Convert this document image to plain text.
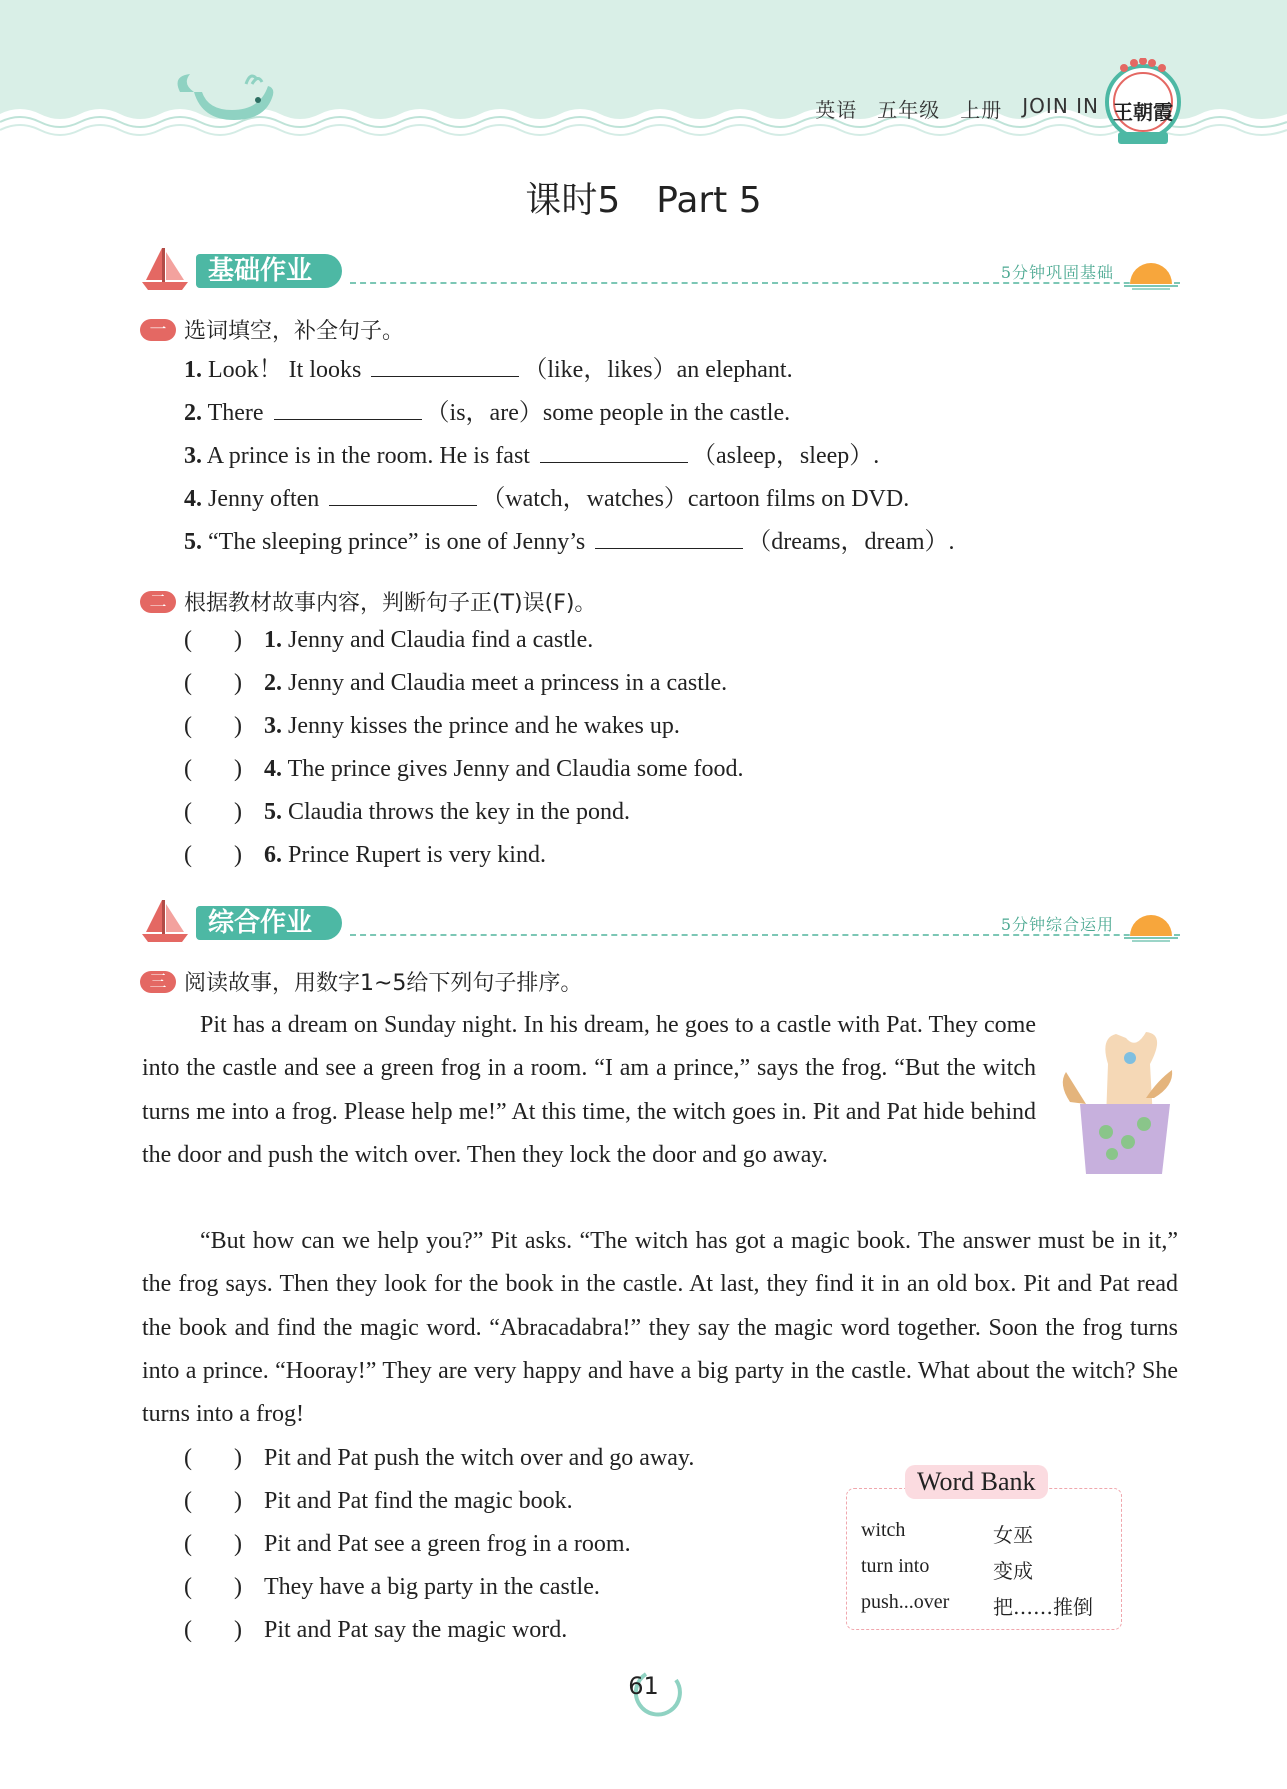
英语 五年级 上册 JOIN IN 王朝霞
课时5　Part 5
基础作业	5分钟巩固基础
一 选词填空，补全句子。
1. Look！ It looks	（like，likes）an elephant.
2. There	（is，are）some people in the castle.
3. A prince is in the room. He is fast	（asleep，sleep）.
4. Jenny often	（watch，watches）cartoon films on DVD.
5. “The sleeping prince” is one of Jenny’s	（dreams，dream）.
二 根据教材故事内容，判断句子正(T)误(F)。
(       ) 1. Jenny and Claudia find a castle.
(       ) 2. Jenny and Claudia meet a princess in a castle.
(       ) 3. Jenny kisses the prince and he wakes up.
(       ) 4. The prince gives Jenny and Claudia some food.
(       ) 5. Claudia throws the key in the pond.
(       ) 6. Prince Rupert is very kind.
综合作业	5分钟综合运用
三 阅读故事，用数字1~5给下列句子排序。
Pit has a dream on Sunday night. In his dream, he goes to a castle with Pat. They come into the castle and see a green frog in a room. “I am a prince,” says the frog. “But the witch turns me into a frog. Please help me!” At this time, the witch goes in. Pit and Pat hide behind the door and push the witch over. Then they lock the door and go away.
“But how can we help you?” Pit asks. “The witch has got a magic book. The answer must be in it,” the frog says. Then they look for the book in the castle. At last, they find it in an old box. Pit and Pat read the book and find the magic word. “Abracadabra!” they say the magic word together. Soon the frog turns into a prince. “Hooray!” They are very happy and have a big party in the castle. What about the witch? She turns into a frog!
(       ) Pit and Pat push the witch over and go away.
(       ) Pit and Pat find the magic book.
(       ) Pit and Pat see a green frog in a room.
(       ) They have a big party in the castle.
(       ) Pit and Pat say the magic word.
Word Bank
witch	女巫
turn into	变成
push...over 把……推倒
61
